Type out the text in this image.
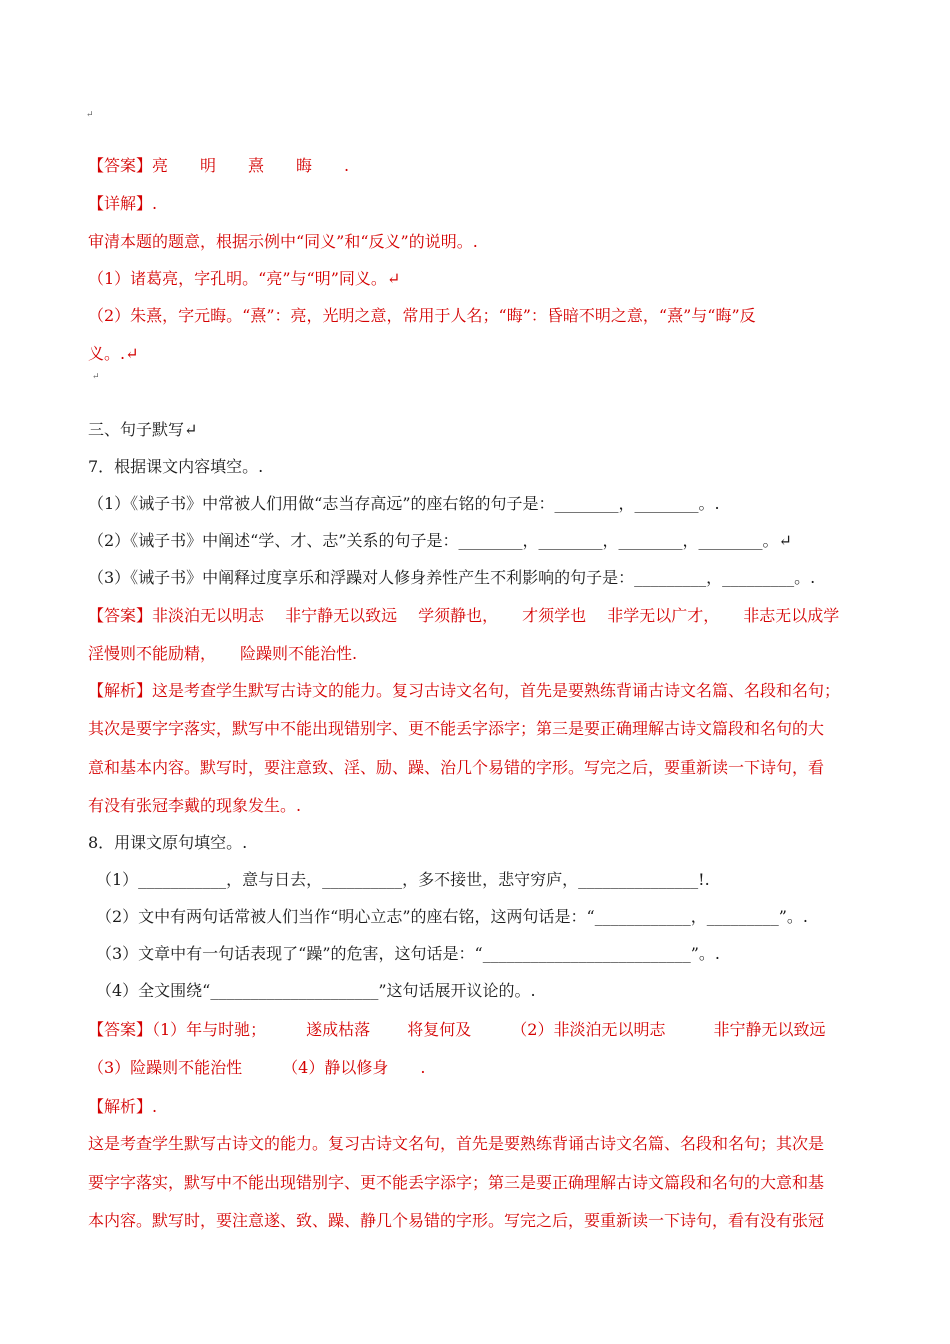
↵
【答案】亮　　明　　熹　　晦　　.
【详解】.
审清本题的题意，根据示例中“同义”和“反义”的说明。.
（1）诸葛亮，字孔明。“亮”与“明”同义。↵
（2）朱熹，字元晦。“熹”：亮，光明之意，常用于人名；“晦”：昏暗不明之意，“熹”与“晦”反
义。.↵
↵
三、句子默写↵
7．根据课文内容填空。.
（1）《诫子书》中常被人们用做“志当存高远”的座右铭的句子是：________，________。.
（2）《诫子书》中阐述“学、才、志”关系的句子是：________，________，________，________。↵
（3）《诫子书》中阐释过度享乐和浮躁对人修身养性产生不利影响的句子是：_________，_________。.
【答案】非淡泊无以明志　 非宁静无以致远　 学须静也，　　才须学也　 非学无以广才，　　非志无以成学
淫慢则不能励精，　　险躁则不能治性.
【解析】这是考查学生默写古诗文的能力。复习古诗文名句，首先是要熟练背诵古诗文名篇、名段和名句；
其次是要字字落实，默写中不能出现错别字、更不能丢字添字；第三是要正确理解古诗文篇段和名句的大
意和基本内容。默写时，要注意致、淫、励、躁、治几个易错的字形。写完之后，要重新读一下诗句，看
有没有张冠李戴的现象发生。.
8．用课文原句填空。.
（1）___________，意与日去，__________，多不接世，悲守穷庐，_______________!.
（2）文中有两句话常被人们当作“明心立志”的座右铭，这两句话是：“____________，_________”。.
（3）文章中有一句话表现了“躁”的危害，这句话是：“__________________________”。.
（4）全文围绕“_____________________”这句话展开议论的。.
【答案】（1）年与时驰；　　　遂成枯落　　 将复何及　　　（2）非淡泊无以明志　　　非宁静无以致远
（3）险躁则不能治性　　　（4）静以修身　　.
【解析】.
这是考查学生默写古诗文的能力。复习古诗文名句，首先是要熟练背诵古诗文名篇、名段和名句；其次是
要字字落实，默写中不能出现错别字、更不能丢字添字；第三是要正确理解古诗文篇段和名句的大意和基
本内容。默写时，要注意遂、致、躁、静几个易错的字形。写完之后，要重新读一下诗句，看有没有张冠
